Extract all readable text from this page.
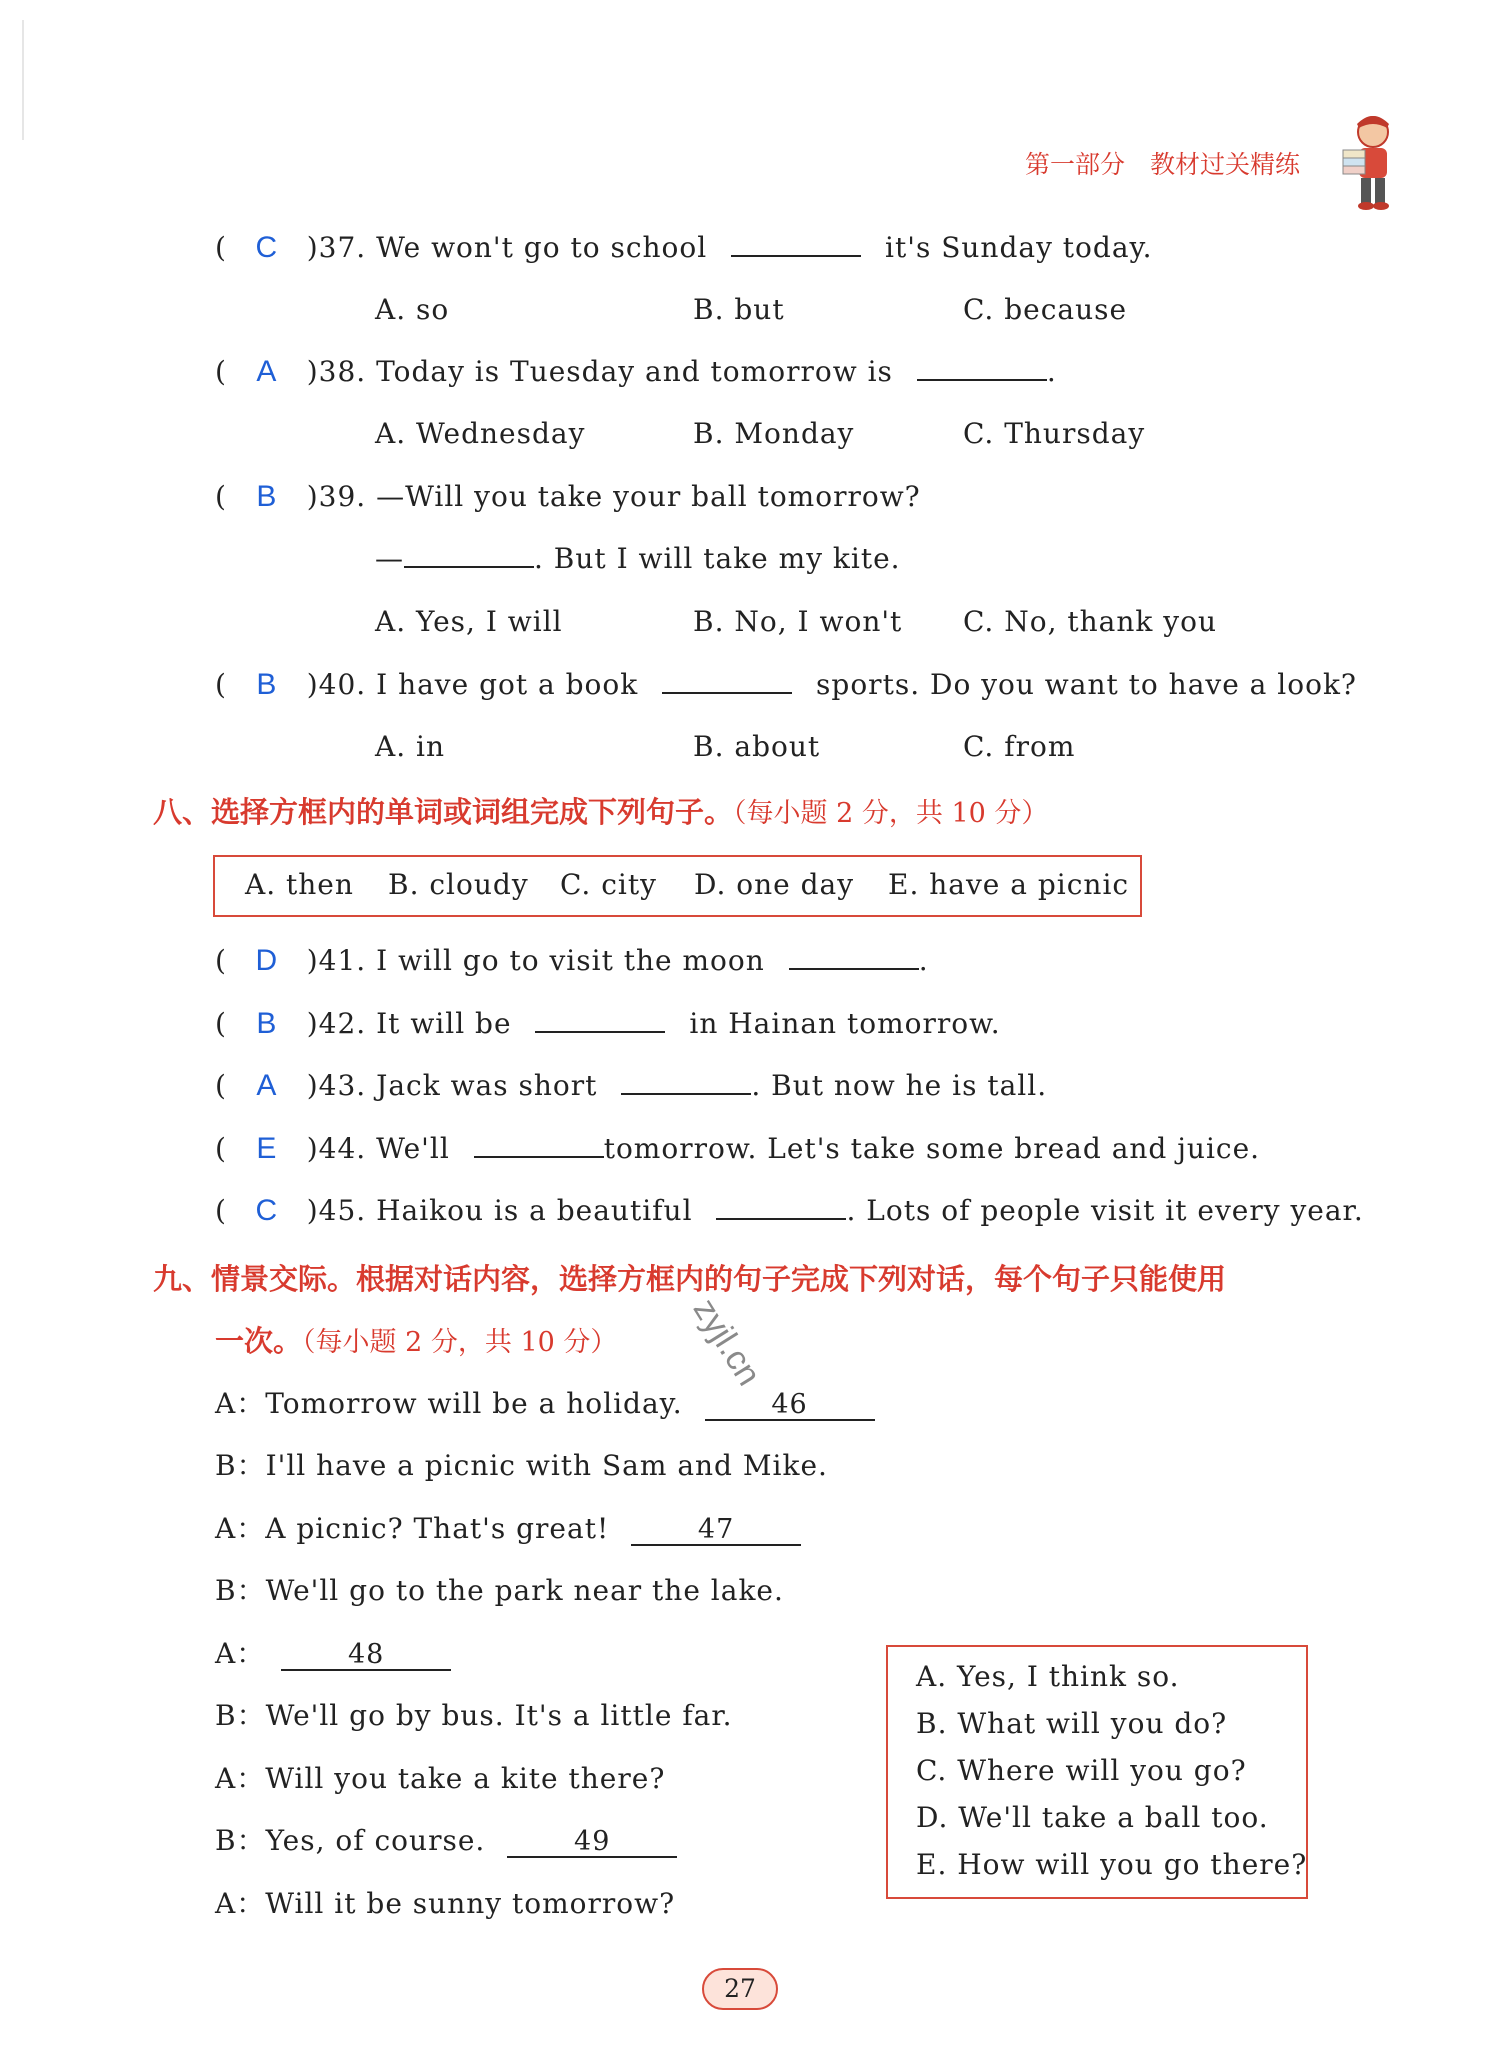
第一部分　教材过关精练
( C )37. We won't go to school	it's Sunday today.
A. so	B. but	C. because
( A )38. Today is Tuesday and tomorrow is	.
A. Wednesday	B. Monday	C. Thursday
( B )39. —Will you take your ball tomorrow?
—	. But I will take my kite.
A. Yes, I will	B. No, I won't C. No, thank you
( B )40. I have got a book	sports. Do you want to have a look?
A. in	B. about	C. from
八、选择方框内的单词或词组完成下列句子。（每小题 2 分，共 10 分）
A. then B. cloudy C. city D. one day E. have a picnic
( D )41. I will go to visit the moon	.
( B )42. It will be	in Hainan tomorrow.
( A )43. Jack was short	. But now he is tall.
( E )44. We'll	tomorrow. Let's take some bread and juice.
( C )45. Haikou is a beautiful	. Lots of people visit it every year.
九、情景交际。根据对话内容，选择方框内的句子完成下列对话，每个句子只能使用
一次。（每小题 2 分，共 10 分） zyjl.cn
A：Tomorrow will be a holiday.	46
B：I'll have a picnic with Sam and Mike.
A：A picnic? That's great!	47
B：We'll go to the park near the lake.
A：	48
B：We'll go by bus. It's a little far.
A：Will you take a kite there?
B：Yes, of course.	49
A：Will it be sunny tomorrow?
A. Yes, I think so.
B. What will you do?
C. Where will you go?
D. We'll take a ball too.
E. How will you go there?
27
